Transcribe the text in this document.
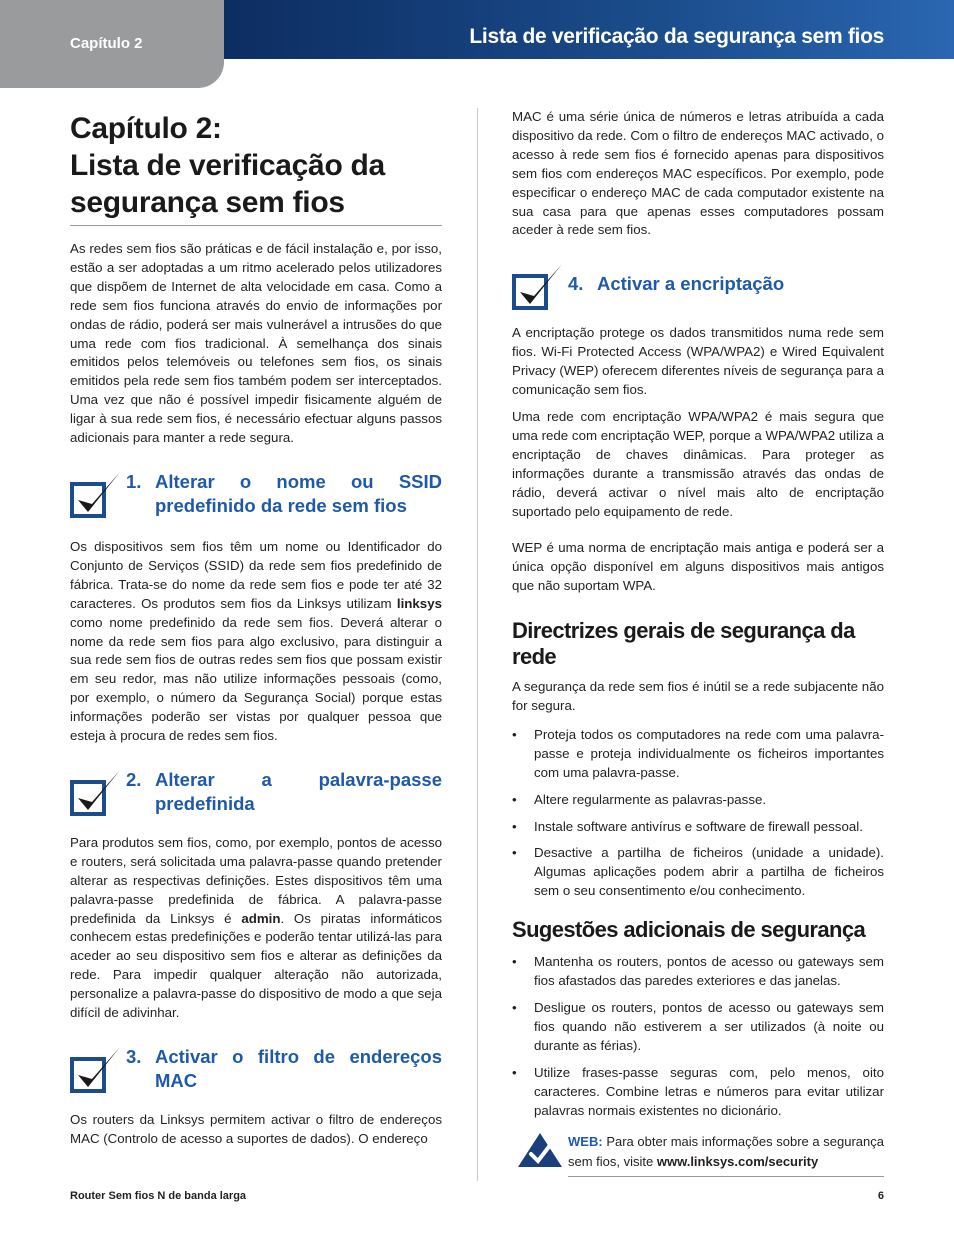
Capítulo 2	Lista de verificação da segurança sem fios
Capítulo 2:
Lista de verificação da
segurança sem fios

As redes sem fios são práticas e de fácil instalação e, por isso, estão a ser adoptadas a um ritmo acelerado pelos utilizadores que dispõem de Internet de alta velocidade em casa. Como a rede sem fios funciona através do envio de informações por ondas de rádio, poderá ser mais vulnerável a intrusões do que uma rede com fios tradicional. À semelhança dos sinais emitidos pelos telemóveis ou telefones sem fios, os sinais emitidos pela rede sem fios também podem ser interceptados. Uma vez que não é possível impedir fisicamente alguém de ligar à sua rede sem fios, é necessário efectuar alguns passos adicionais para manter a rede segura.

1. Alterar o nome ou SSID predefinido da rede sem fios

Os dispositivos sem fios têm um nome ou Identificador do Conjunto de Serviços (SSID) da rede sem fios predefinido de fábrica. Trata-se do nome da rede sem fios e pode ter até 32 caracteres. Os produtos sem fios da Linksys utilizam linksys como nome predefinido da rede sem fios. Deverá alterar o nome da rede sem fios para algo exclusivo, para distinguir a sua rede sem fios de outras redes sem fios que possam existir em seu redor, mas não utilize informações pessoais (como, por exemplo, o número da Segurança Social) porque estas informações poderão ser vistas por qualquer pessoa que esteja à procura de redes sem fios.

2. Alterar a palavra-passe predefinida

Para produtos sem fios, como, por exemplo, pontos de acesso e routers, será solicitada uma palavra-passe quando pretender alterar as respectivas definições. Estes dispositivos têm uma palavra-passe predefinida de fábrica. A palavra-passe predefinida da Linksys é admin. Os piratas informáticos conhecem estas predefinições e poderão tentar utilizá-las para aceder ao seu dispositivo sem fios e alterar as definições da rede. Para impedir qualquer alteração não autorizada, personalize a palavra-passe do dispositivo de modo a que seja difícil de adivinhar.

3. Activar o filtro de endereços MAC

Os routers da Linksys permitem activar o filtro de endereços MAC (Controlo de acesso a suportes de dados). O endereço

MAC é uma série única de números e letras atribuída a cada dispositivo da rede. Com o filtro de endereços MAC activado, o acesso à rede sem fios é fornecido apenas para dispositivos sem fios com endereços MAC específicos. Por exemplo, pode especificar o endereço MAC de cada computador existente na sua casa para que apenas esses computadores possam aceder à rede sem fios.

4. Activar a encriptação

A encriptação protege os dados transmitidos numa rede sem fios. Wi-Fi Protected Access (WPA/WPA2) e Wired Equivalent Privacy (WEP) oferecem diferentes níveis de segurança para a comunicação sem fios.

Uma rede com encriptação WPA/WPA2 é mais segura que uma rede com encriptação WEP, porque a WPA/WPA2 utiliza a encriptação de chaves dinâmicas. Para proteger as informações durante a transmissão através das ondas de rádio, deverá activar o nível mais alto de encriptação suportado pelo equipamento de rede.

WEP é uma norma de encriptação mais antiga e poderá ser a única opção disponível em alguns dispositivos mais antigos que não suportam WPA.

Directrizes gerais de segurança da rede

A segurança da rede sem fios é inútil se a rede subjacente não for segura.

• Proteja todos os computadores na rede com uma palavra-passe e proteja individualmente os ficheiros importantes com uma palavra-passe.
• Altere regularmente as palavras-passe.
• Instale software antivírus e software de firewall pessoal.
• Desactive a partilha de ficheiros (unidade a unidade). Algumas aplicações podem abrir a partilha de ficheiros sem o seu consentimento e/ou conhecimento.
Sugestões adicionais de segurança
• Mantenha os routers, pontos de acesso ou gateways sem fios afastados das paredes exteriores e das janelas.
• Desligue os routers, pontos de acesso ou gateways sem fios quando não estiverem a ser utilizados (à noite ou durante as férias).
• Utilize frases-passe seguras com, pelo menos, oito caracteres. Combine letras e números para evitar utilizar palavras normais existentes no dicionário.
WEB: Para obter mais informações sobre a segurança sem fios, visite www.linksys.com/security
Router Sem fios N de banda larga	6
